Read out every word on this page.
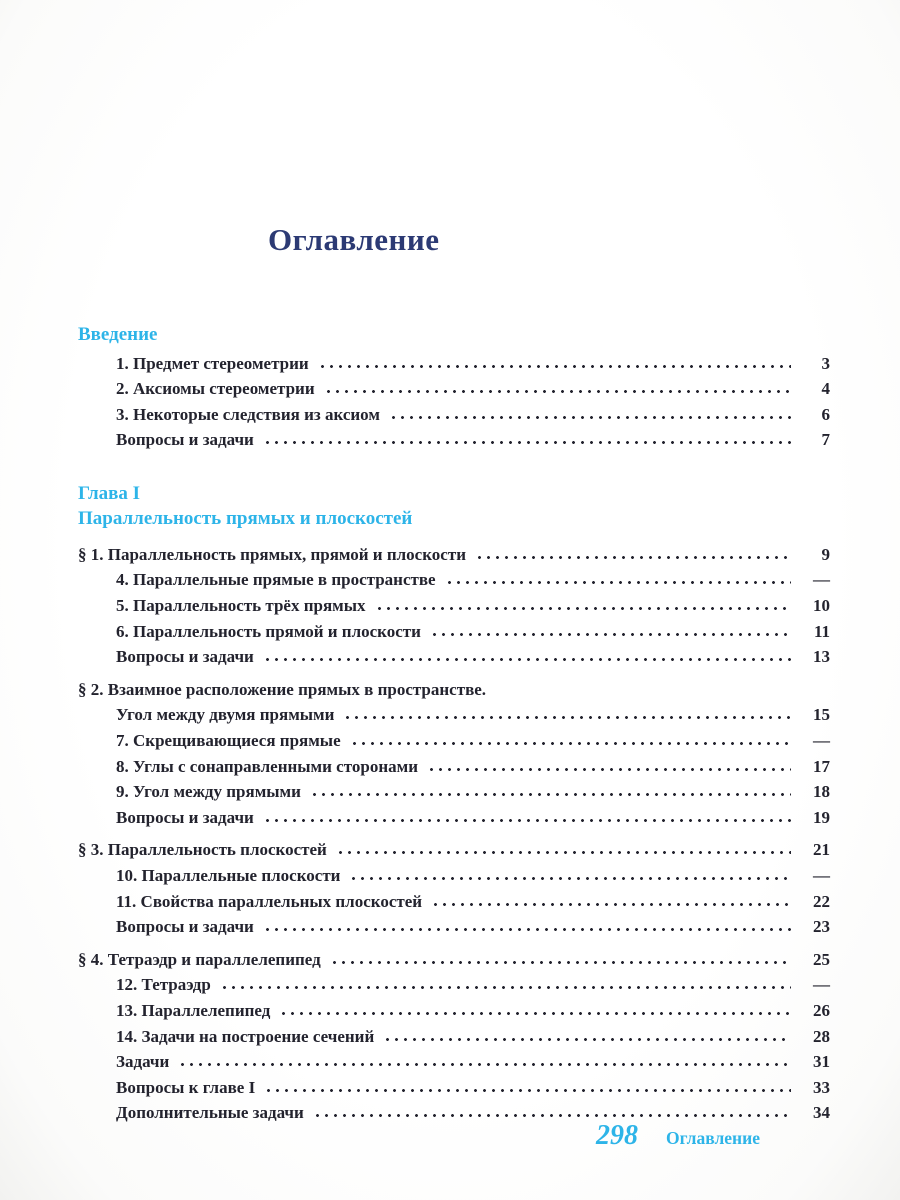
Оглавление
Введение
1. Предмет стереометрии	3
2. Аксиомы стереометрии	4
3. Некоторые следствия из аксиом	6
Вопросы и задачи	7
Глава I
Параллельность прямых и плоскостей
§ 1. Параллельность прямых, прямой и плоскости	9
4. Параллельные прямые в пространстве	—
5. Параллельность трёх прямых	10
6. Параллельность прямой и плоскости	11
Вопросы и задачи	13
§ 2. Взаимное расположение прямых в пространстве.
Угол между двумя прямыми	15
7. Скрещивающиеся прямые	—
8. Углы с сонаправленными сторонами	17
9. Угол между прямыми	18
Вопросы и задачи	19
§ 3. Параллельность плоскостей	21
10. Параллельные плоскости	—
11. Свойства параллельных плоскостей	22
Вопросы и задачи	23
§ 4. Тетраэдр и параллелепипед	25
12. Тетраэдр	—
13. Параллелепипед	26
14. Задачи на построение сечений	28
Задачи	31
Вопросы к главе I	33
Дополнительные задачи	34
298 Оглавление
